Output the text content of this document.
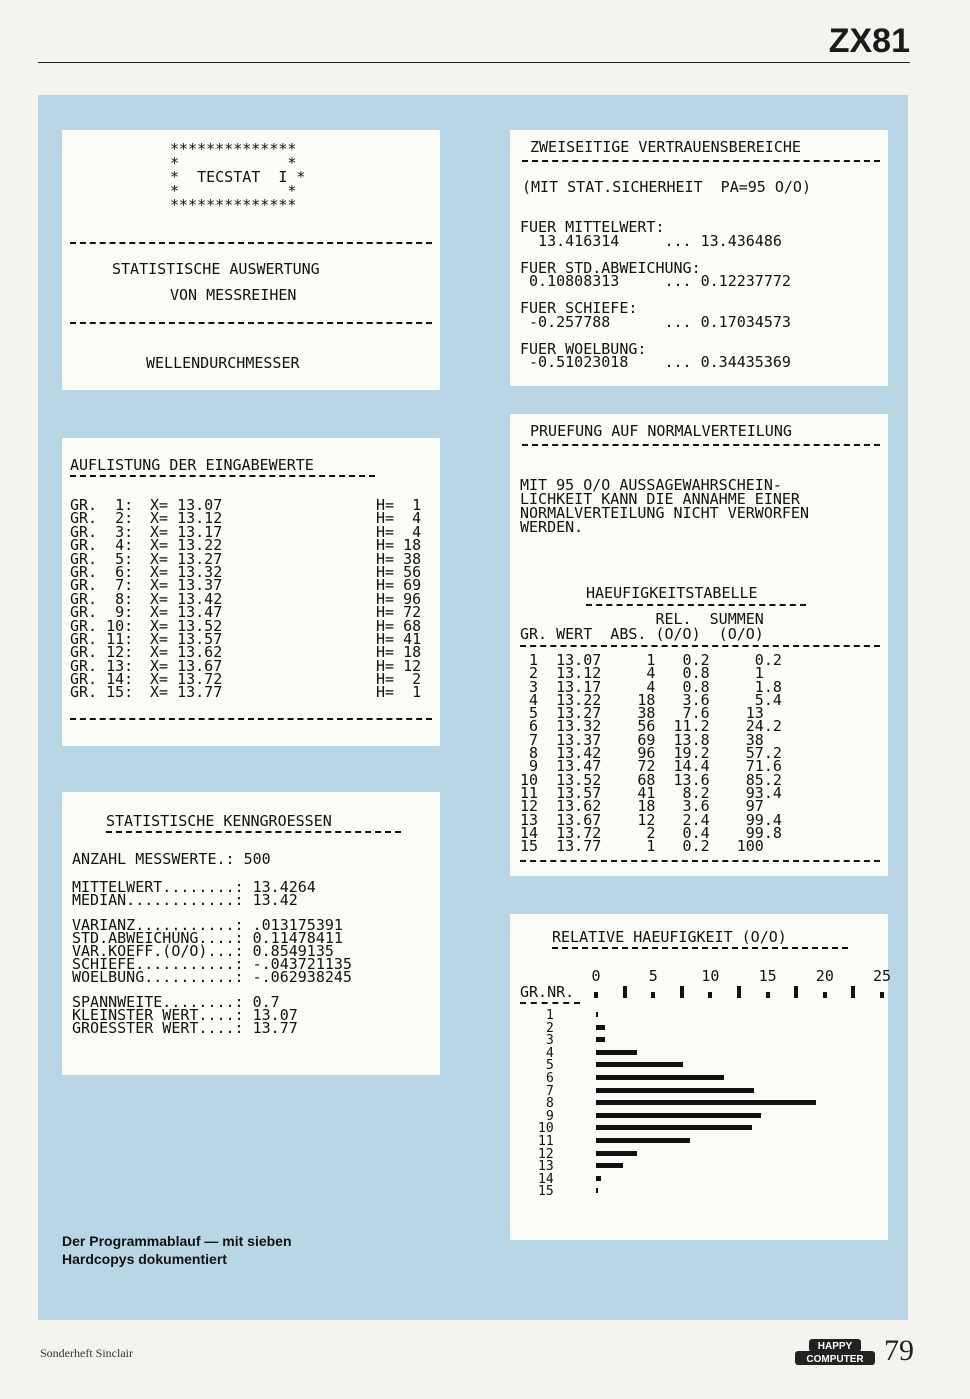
ZX81
**************
*            *
*  TECSTAT  I *
*            *
**************
STATISTISCHE AUSWERTUNG
VON MESSREIHEN
WELLENDURCHMESSER
AUFLISTUNG DER EINGABEWERTE
GR.  1: X= 13.07	H=  1
GR.  2: X= 13.12	H=  4
GR.  3: X= 13.17	H=  4
GR.  4: X= 13.22	H= 18
GR.  5: X= 13.27	H= 38
GR.  6: X= 13.32	H= 56
GR.  7: X= 13.37	H= 69
GR.  8: X= 13.42	H= 96
GR.  9: X= 13.47	H= 72
GR. 10: X= 13.52	H= 68
GR. 11: X= 13.57	H= 41
GR. 12: X= 13.62	H= 18
GR. 13: X= 13.67	H= 12
GR. 14: X= 13.72	H=  2
GR. 15: X= 13.77	H=  1
STATISTISCHE KENNGROESSEN
ANZAHL MESSWERTE.: 500
MITTELWERT........: 13.4264
MEDIAN............: 13.42

VARIANZ...........: .013175391
STD.ABWEICHUNG....: 0.11478411
VAR.KOEFF.(O/O)...: 0.8549135
SCHIEFE...........: -.043721135
WOELBUNG..........: -.062938245

SPANNWEITE........: 0.7
KLEINSTER WERT....: 13.07
GROESSTER WERT....: 13.77
ZWEISEITIGE VERTRAUENSBEREICHE
(MIT STAT.SICHERHEIT  PA=95 O/O)
FUER MITTELWERT:
13.416314     ... 13.436486

FUER STD.ABWEICHUNG:
0.10808313     ... 0.12237772

FUER SCHIEFE:
-0.257788      ... 0.17034573

FUER WOELBUNG:
-0.51023018    ... 0.34435369
PRUEFUNG AUF NORMALVERTEILUNG
MIT 95 O/O AUSSAGEWAHRSCHEIN-
LICHKEIT KANN DIE ANNAHME EINER
NORMALVERTEILUNG NICHT VERWORFEN
WERDEN.
HAEUFIGKEITSTABELLE
REL.  SUMMEN
GR. WERT  ABS. (O/O)  (O/O)
1  13.07     1   0.2     0.2
2  13.12     4   0.8     1
3  13.17     4   0.8     1.8
4  13.22    18   3.6     5.4
5  13.27    38   7.6    13
6  13.32    56  11.2    24.2
7  13.37    69  13.8    38
8  13.42    96  19.2    57.2
9  13.47    72  14.4    71.6
10  13.52    68  13.6    85.2
11  13.57    41   8.2    93.4
12  13.62    18   3.6    97
13  13.67    12   2.4    99.4
14  13.72     2   0.4    99.8
15  13.77     1   0.2   100
RELATIVE HAEUFIGKEIT (O/O)
0	5	10	15	20	25
GR.NR.
1
2
3
4
5
6
7
8
9
10
11
12
13
14
15
Der Programmablauf — mit sieben
Hardcopys dokumentiert
Sonderheft Sinclair	HAPPY
COMPUTER 79
